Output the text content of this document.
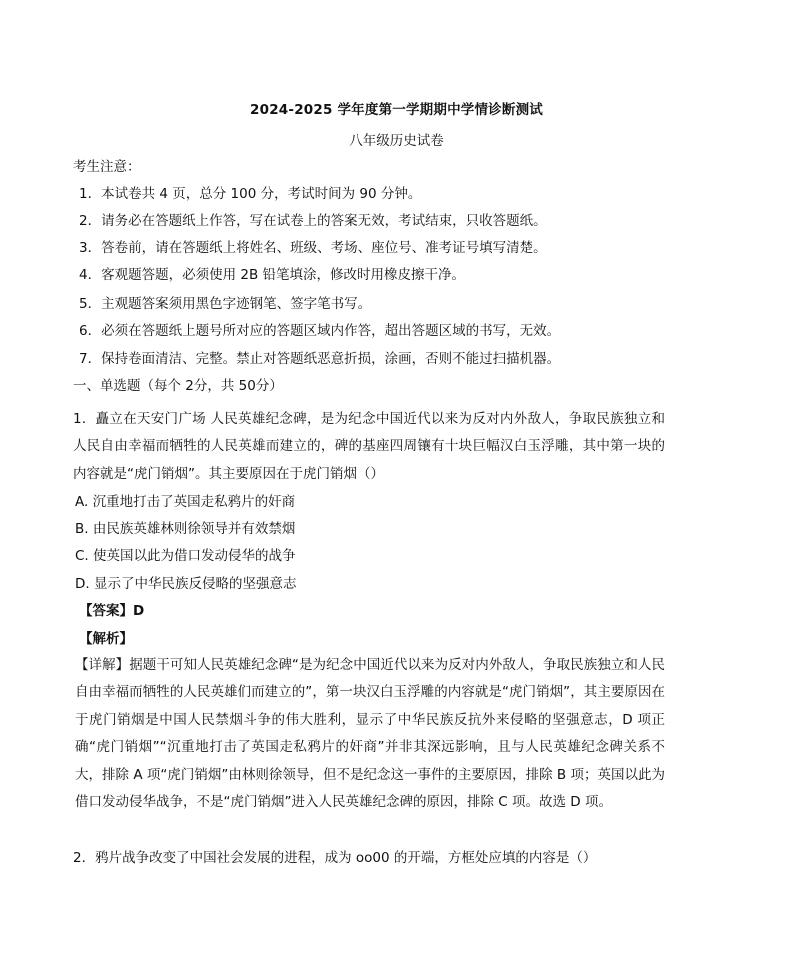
2024-2025 学年度第一学期期中学情诊断测试
八年级历史试卷
考生注意：
1．本试卷共 4 页，总分 100 分，考试时间为 90 分钟。
2．请务必在答题纸上作答，写在试卷上的答案无效，考试结束，只收答题纸。
3．答卷前，请在答题纸上将姓名、班级、考场、座位号、准考证号填写清楚。
4．客观题答题，必须使用 2B 铅笔填涂，修改时用橡皮擦干净。
5．主观题答案须用黑色字迹钢笔、签字笔书写。
6．必须在答题纸上题号所对应的答题区域内作答，超出答题区域的书写，无效。
7．保持卷面清洁、完整。禁止对答题纸恶意折损，涂画，否则不能过扫描机器。
一、单选题（每个 2分，共 50分）
1．矗立在天安门广场 人民英雄纪念碑，是为纪念中国近代以来为反对内外敌人，争取民族独立和人民自由幸福而牺牲的人民英雄而建立的，碑的基座四周镶有十块巨幅汉白玉浮雕，其中第一块的内容就是“虎门销烟”。其主要原因在于虎门销烟（）
A. 沉重地打击了英国走私鸦片的奸商
B. 由民族英雄林则徐领导并有效禁烟
C. 使英国以此为借口发动侵华的战争
D. 显示了中华民族反侵略的坚强意志
【答案】D
【解析】
【详解】据题干可知人民英雄纪念碑“是为纪念中国近代以来为反对内外敌人，争取民族独立和人民自由幸福而牺牲的人民英雄们而建立的”，第一块汉白玉浮雕的内容就是“虎门销烟”，其主要原因在于虎门销烟是中国人民禁烟斗争的伟大胜利，显示了中华民族反抗外来侵略的坚强意志，D 项正确“虎门销烟”“沉重地打击了英国走私鸦片的奸商”并非其深远影响，且与人民英雄纪念碑关系不大，排除 A 项“虎门销烟”由林则徐领导，但不是纪念这一事件的主要原因，排除 B 项；英国以此为借口发动侵华战争，不是“虎门销烟”进入人民英雄纪念碑的原因，排除 C 项。故选 D 项。
2．鸦片战争改变了中国社会发展的进程，成为 oo00 的开端，方框处应填的内容是（）
